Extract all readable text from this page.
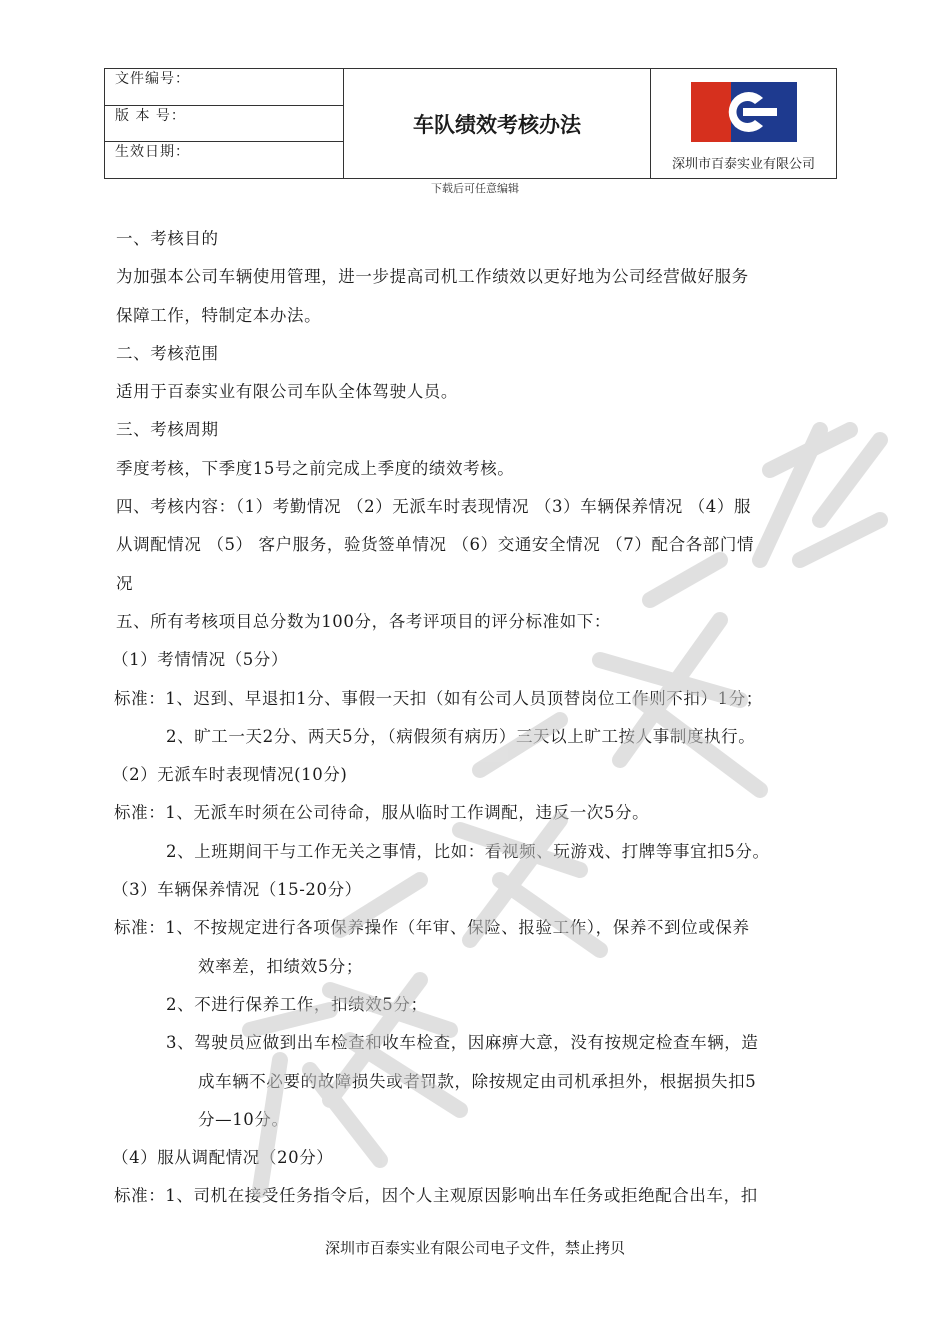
文件编号：
版 本 号：
生效日期：
车队绩效考核办法
深圳市百泰实业有限公司
下载后可任意编辑
一、考核目的
为加强本公司车辆使用管理，进一步提高司机工作绩效以更好地为公司经营做好服务
保障工作，特制定本办法。
二、考核范围
适用于百泰实业有限公司车队全体驾驶人员。
三、考核周期
季度考核，下季度15号之前完成上季度的绩效考核。
四、考核内容：（1）考勤情况 （2）无派车时表现情况 （3）车辆保养情况 （4）服
从调配情况 （5） 客户服务，验货签单情况 （6）交通安全情况 （7）配合各部门情
况
五、所有考核项目总分数为100分，各考评项目的评分标准如下：
（1）考情情况（5分）
标准：1、迟到、早退扣1分、事假一天扣（如有公司人员顶替岗位工作则不扣）1分；
2、旷工一天2分、两天5分，（病假须有病历）三天以上旷工按人事制度执行。
（2）无派车时表现情况(10分)
标准：1、无派车时须在公司待命，服从临时工作调配，违反一次5分。
2、上班期间干与工作无关之事情，比如：看视频、玩游戏、打牌等事宜扣5分。
（3）车辆保养情况（15-20分）
标准：1、不按规定进行各项保养操作（年审、保险、报验工作），保养不到位或保养
效率差，扣绩效5分；
2、不进行保养工作，扣绩效5分；
3、驾驶员应做到出车检查和收车检查，因麻痹大意，没有按规定检查车辆，造
成车辆不必要的故障损失或者罚款，除按规定由司机承担外，根据损失扣5
分—10分。
（4）服从调配情况（20分）
标准：1、司机在接受任务指令后，因个人主观原因影响出车任务或拒绝配合出车，扣
深圳市百泰实业有限公司电子文件，禁止拷贝
